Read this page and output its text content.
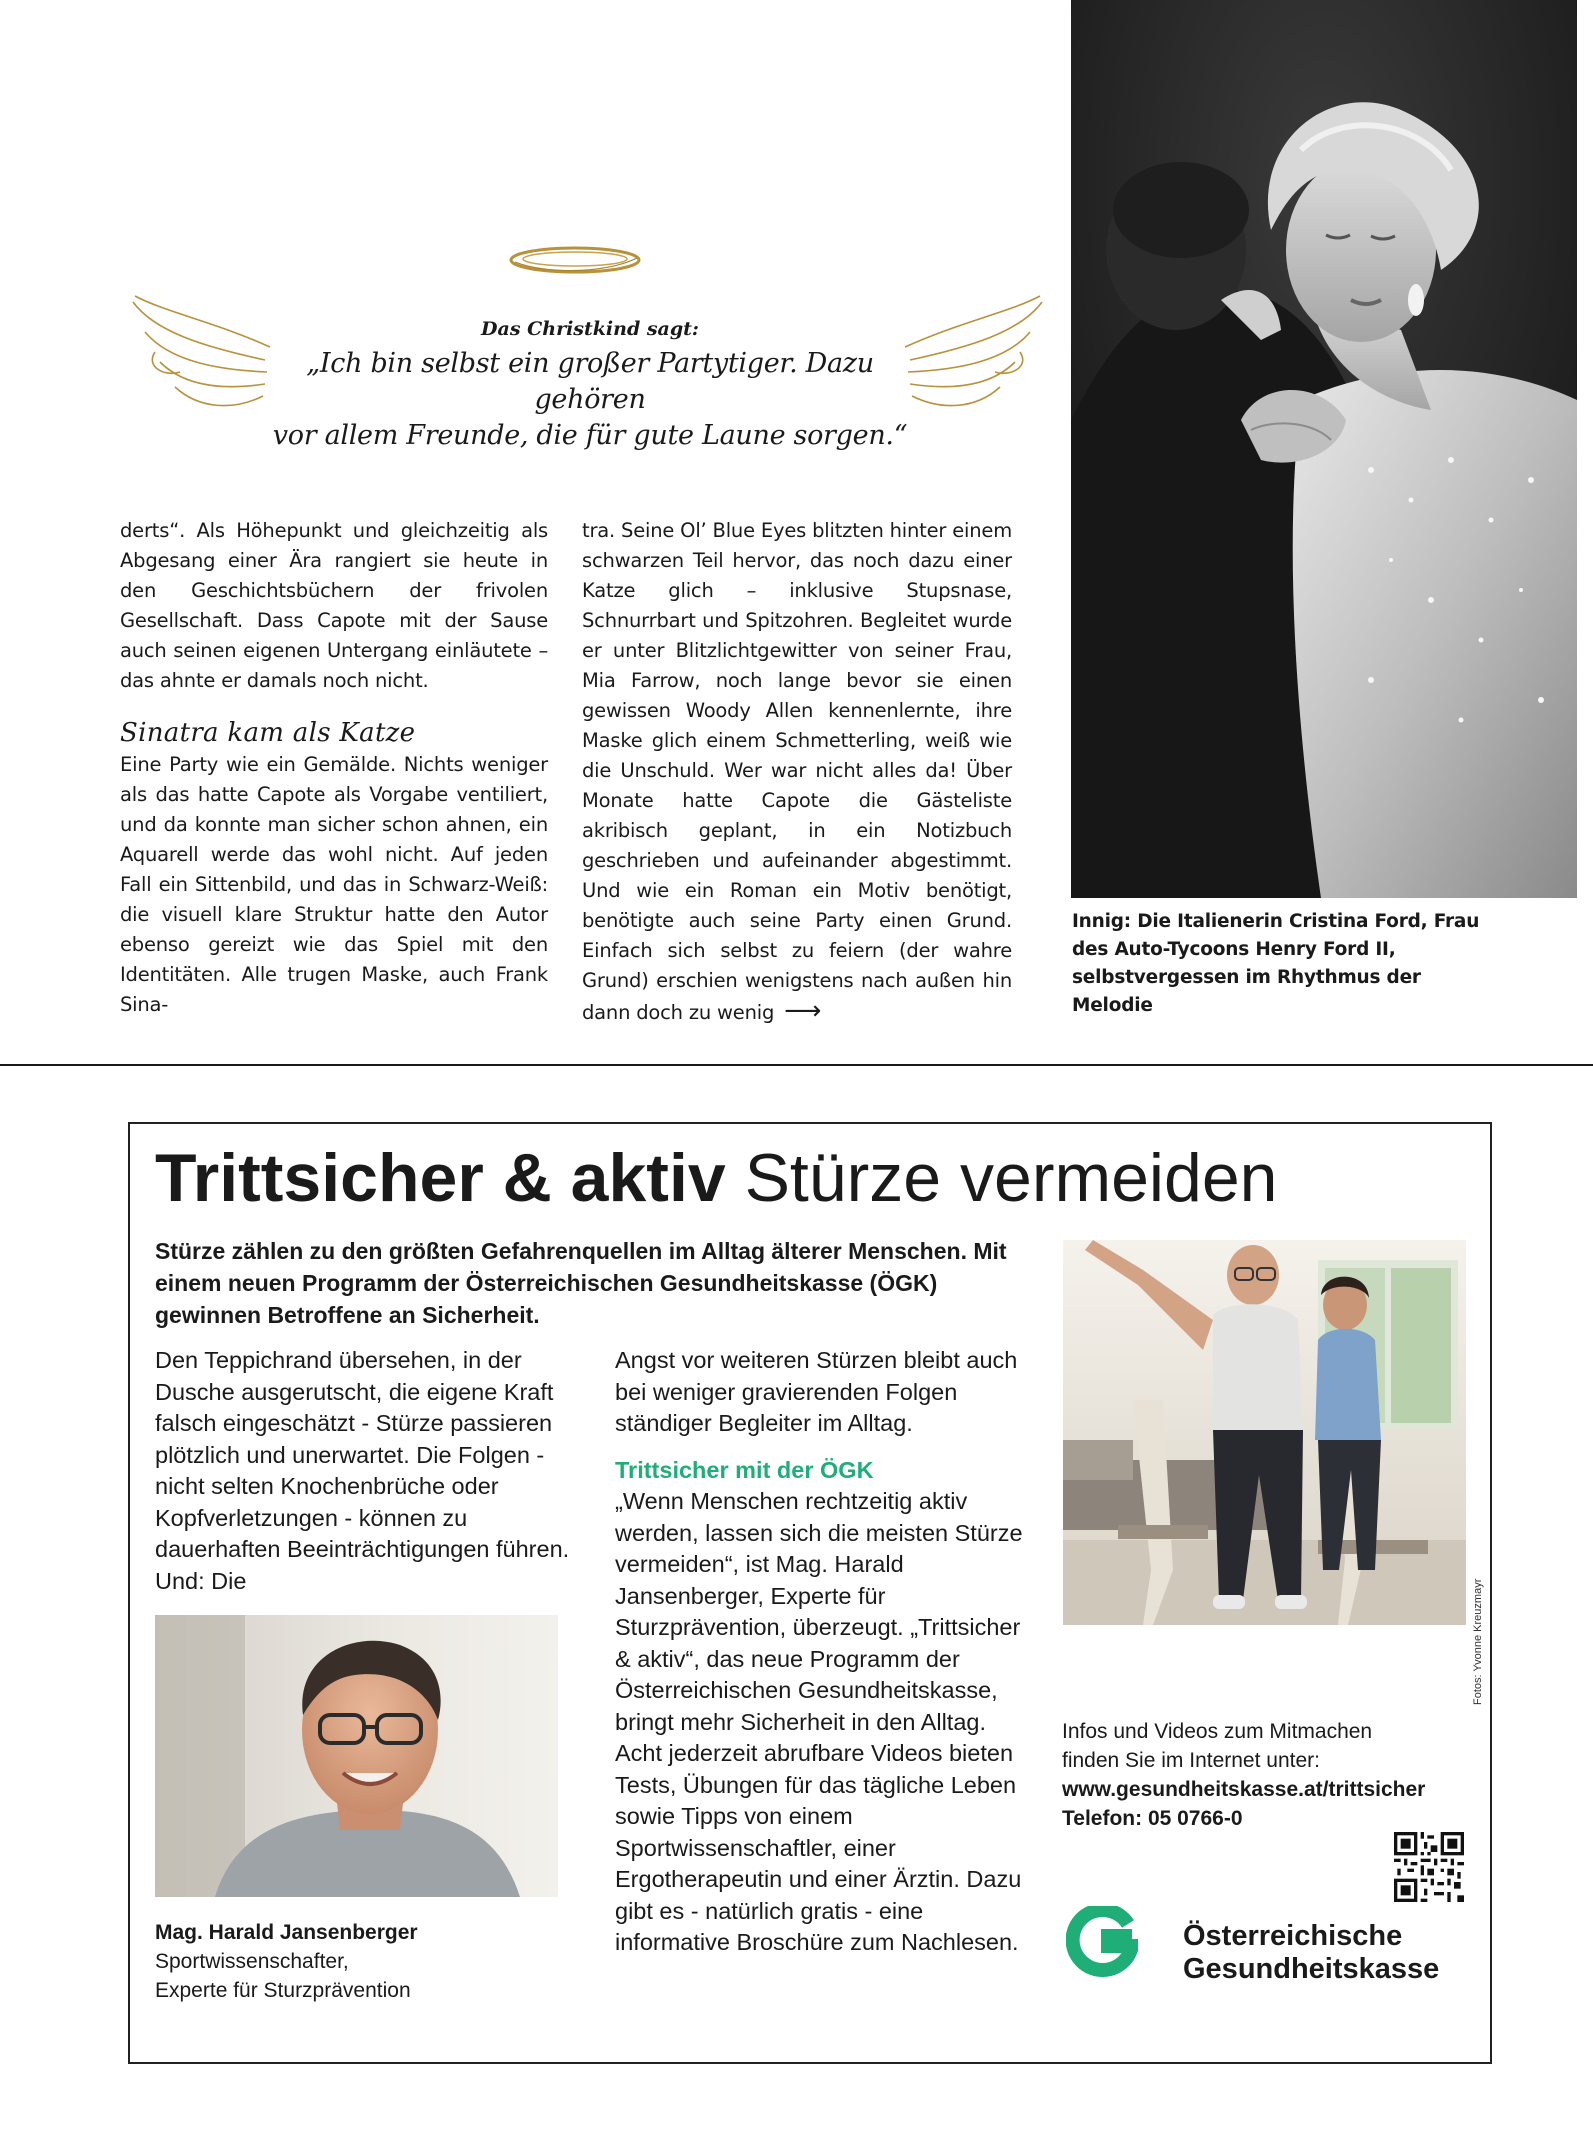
Das Christkind sagt:
„Ich bin selbst ein großer Partytiger. Dazu gehören
vor allem Freunde, die für gute Laune sorgen.“

derts“. Als Höhepunkt und gleichzeitig als Abgesang einer Ära rangiert sie heute in den Geschichtsbüchern der frivolen Gesellschaft. Dass Capote mit der Sause auch seinen eigenen Untergang einläutete – das ahnte er damals noch nicht.

Sinatra kam als Katze

Eine Party wie ein Gemälde. Nichts weniger als das hatte Capote als Vorgabe ventiliert, und da konnte man sicher schon ahnen, ein Aquarell werde das wohl nicht. Auf jeden Fall ein Sittenbild, und das in Schwarz-Weiß: die visuell klare Struktur hatte den Autor ebenso gereizt wie das Spiel mit den Identitäten. Alle trugen Maske, auch Frank Sina-

tra. Seine Ol’ Blue Eyes blitzten hinter einem schwarzen Teil hervor, das noch dazu einer Katze glich – inklusive Stupsnase, Schnurrbart und Spitzohren. Begleitet wurde er unter Blitzlichtgewitter von seiner Frau, Mia Farrow, noch lange bevor sie einen gewissen Woody Allen kennenlernte, ihre Maske glich einem Schmetterling, weiß wie die Unschuld. Wer war nicht alles da! Über Monate hatte Capote die Gästeliste akribisch geplant, in ein Notizbuch geschrieben und aufeinander abgestimmt. Und wie ein Roman ein Motiv benötigt, benötigte auch seine Party einen Grund. Einfach sich selbst zu feiern (der wahre Grund) erschien wenigstens nach außen hin dann doch zu wenig ⟶

Innig: Die Italienerin Cristina Ford, Frau des Auto-Tycoons Henry Ford II, selbstvergessen im Rhythmus der Melodie
Trittsicher & aktiv Stürze vermeiden
Stürze zählen zu den größten Gefahrenquellen im Alltag älterer Menschen. Mit einem neuen Programm der Österreichischen Gesundheitskasse (ÖGK) gewinnen Betroffene an Sicherheit.

Den Teppichrand übersehen, in der Dusche ausgerutscht, die eigene Kraft falsch eingeschätzt - Stürze passieren plötzlich und unerwartet. Die Folgen - nicht selten Knochenbrüche oder Kopfverletzungen - können zu dauerhaften Beeinträchtigungen führen. Und: Die

Mag. Harald Jansenberger
Sportwissenschafter,
Experte für Sturzprävention

Angst vor weiteren Stürzen bleibt auch bei weniger gravierenden Folgen ständiger Begleiter im Alltag.

Trittsicher mit der ÖGK

„Wenn Menschen rechtzeitig aktiv werden, lassen sich die meisten Stürze vermeiden“, ist Mag. Harald Jansenberger, Experte für Sturzprävention, überzeugt. „Trittsicher & aktiv“, das neue Programm der Österreichischen Gesundheitskasse, bringt mehr Sicherheit in den Alltag. Acht jederzeit abrufbare Videos bieten Tests, Übungen für das tägliche Leben sowie Tipps von einem Sportwissenschaftler, einer Ergotherapeutin und einer Ärztin. Dazu gibt es - natürlich gratis - eine informative Broschüre zum Nachlesen.

Fotos: Yvonne Kreuzmayr

Infos und Videos zum Mitmachen

finden Sie im Internet unter:

www.gesundheitskasse.at/trittsicher

Telefon: 05 0766-0

Österreichische
Gesundheitskasse
